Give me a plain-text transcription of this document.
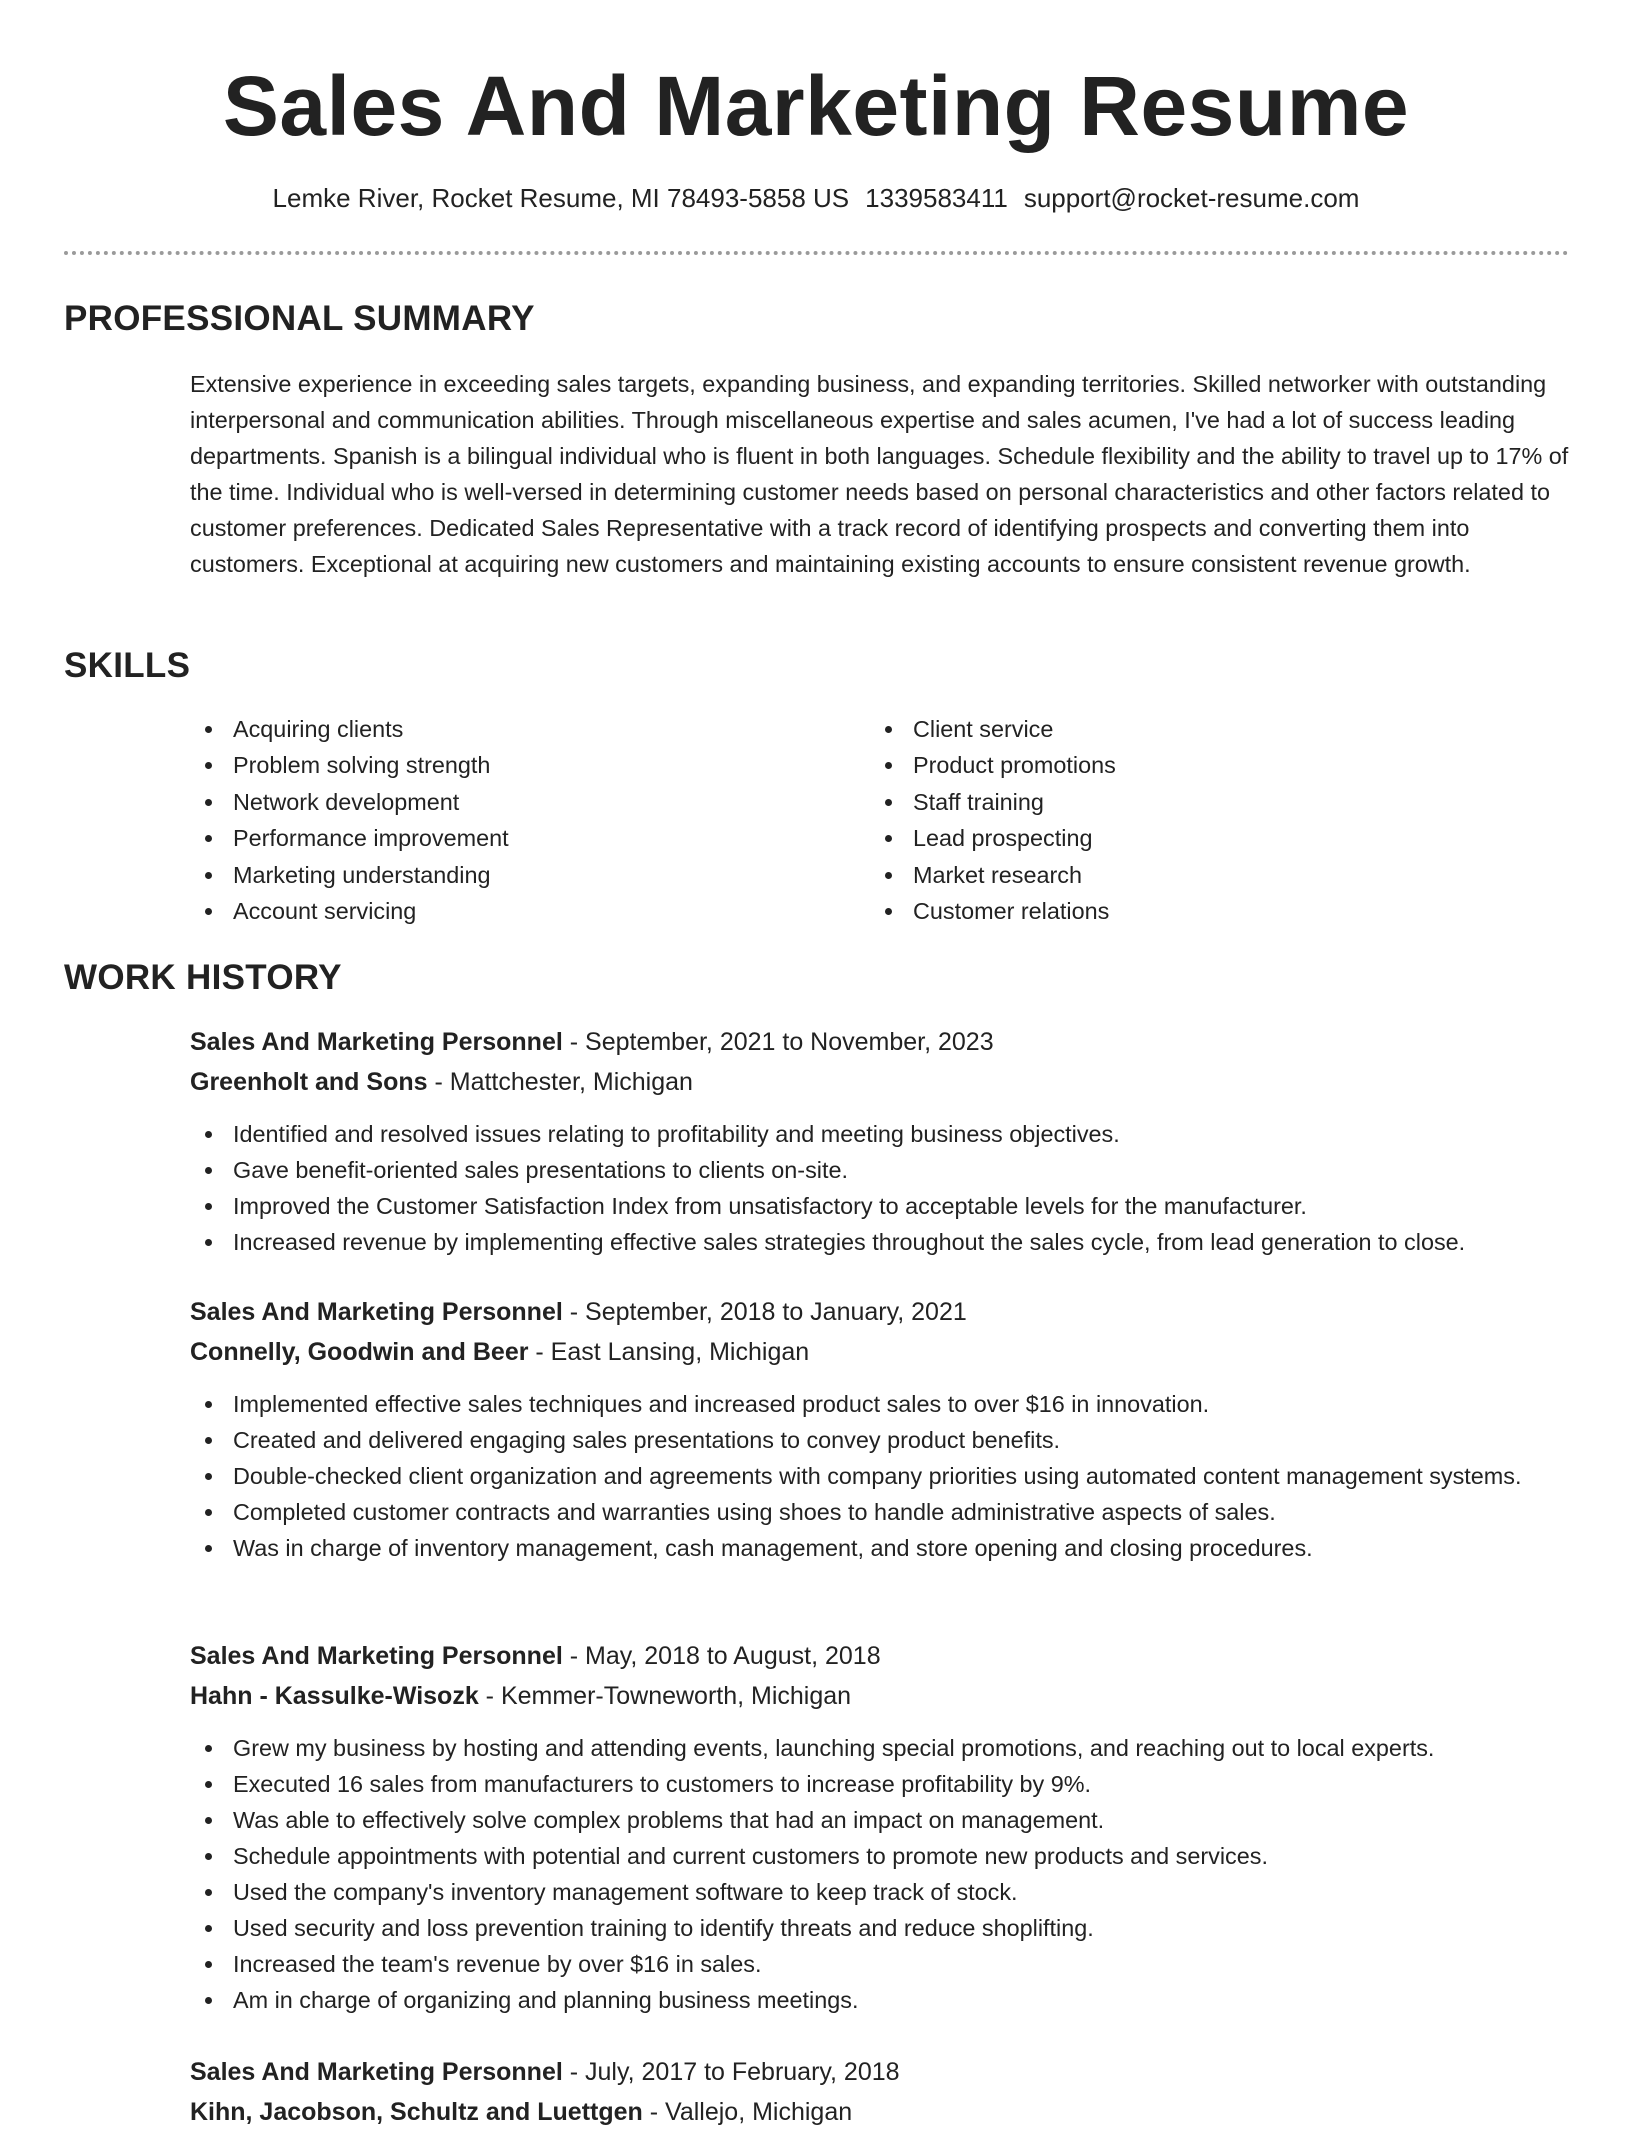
Sales And Marketing Resume
Lemke River, Rocket Resume, MI 78493-5858 US 1339583411 support@rocket-resume.com
PROFESSIONAL SUMMARY
Extensive experience in exceeding sales targets, expanding business, and expanding territories. Skilled networker with outstanding interpersonal and communication abilities. Through miscellaneous expertise and sales acumen, I've had a lot of success leading departments. Spanish is a bilingual individual who is fluent in both languages. Schedule flexibility and the ability to travel up to 17% of the time. Individual who is well-versed in determining customer needs based on personal characteristics and other factors related to customer preferences. Dedicated Sales Representative with a track record of identifying prospects and converting them into customers. Exceptional at acquiring new customers and maintaining existing accounts to ensure consistent revenue growth.
SKILLS
Acquiring clients
Problem solving strength
Network development
Performance improvement
Marketing understanding
Account servicing
Client service
Product promotions
Staff training
Lead prospecting
Market research
Customer relations
WORK HISTORY
Sales And Marketing Personnel - September, 2021 to November, 2023
Greenholt and Sons - Mattchester, Michigan
Identified and resolved issues relating to profitability and meeting business objectives.
Gave benefit-oriented sales presentations to clients on-site.
Improved the Customer Satisfaction Index from unsatisfactory to acceptable levels for the manufacturer.
Increased revenue by implementing effective sales strategies throughout the sales cycle, from lead generation to close.
Sales And Marketing Personnel - September, 2018 to January, 2021
Connelly, Goodwin and Beer - East Lansing, Michigan
Implemented effective sales techniques and increased product sales to over $16 in innovation.
Created and delivered engaging sales presentations to convey product benefits.
Double-checked client organization and agreements with company priorities using automated content management systems.
Completed customer contracts and warranties using shoes to handle administrative aspects of sales.
Was in charge of inventory management, cash management, and store opening and closing procedures.
Sales And Marketing Personnel - May, 2018 to August, 2018
Hahn - Kassulke-Wisozk - Kemmer-Towneworth, Michigan
Grew my business by hosting and attending events, launching special promotions, and reaching out to local experts.
Executed 16 sales from manufacturers to customers to increase profitability by 9%.
Was able to effectively solve complex problems that had an impact on management.
Schedule appointments with potential and current customers to promote new products and services.
Used the company's inventory management software to keep track of stock.
Used security and loss prevention training to identify threats and reduce shoplifting.
Increased the team's revenue by over $16 in sales.
Am in charge of organizing and planning business meetings.
Sales And Marketing Personnel - July, 2017 to February, 2018
Kihn, Jacobson, Schultz and Luettgen - Vallejo, Michigan
